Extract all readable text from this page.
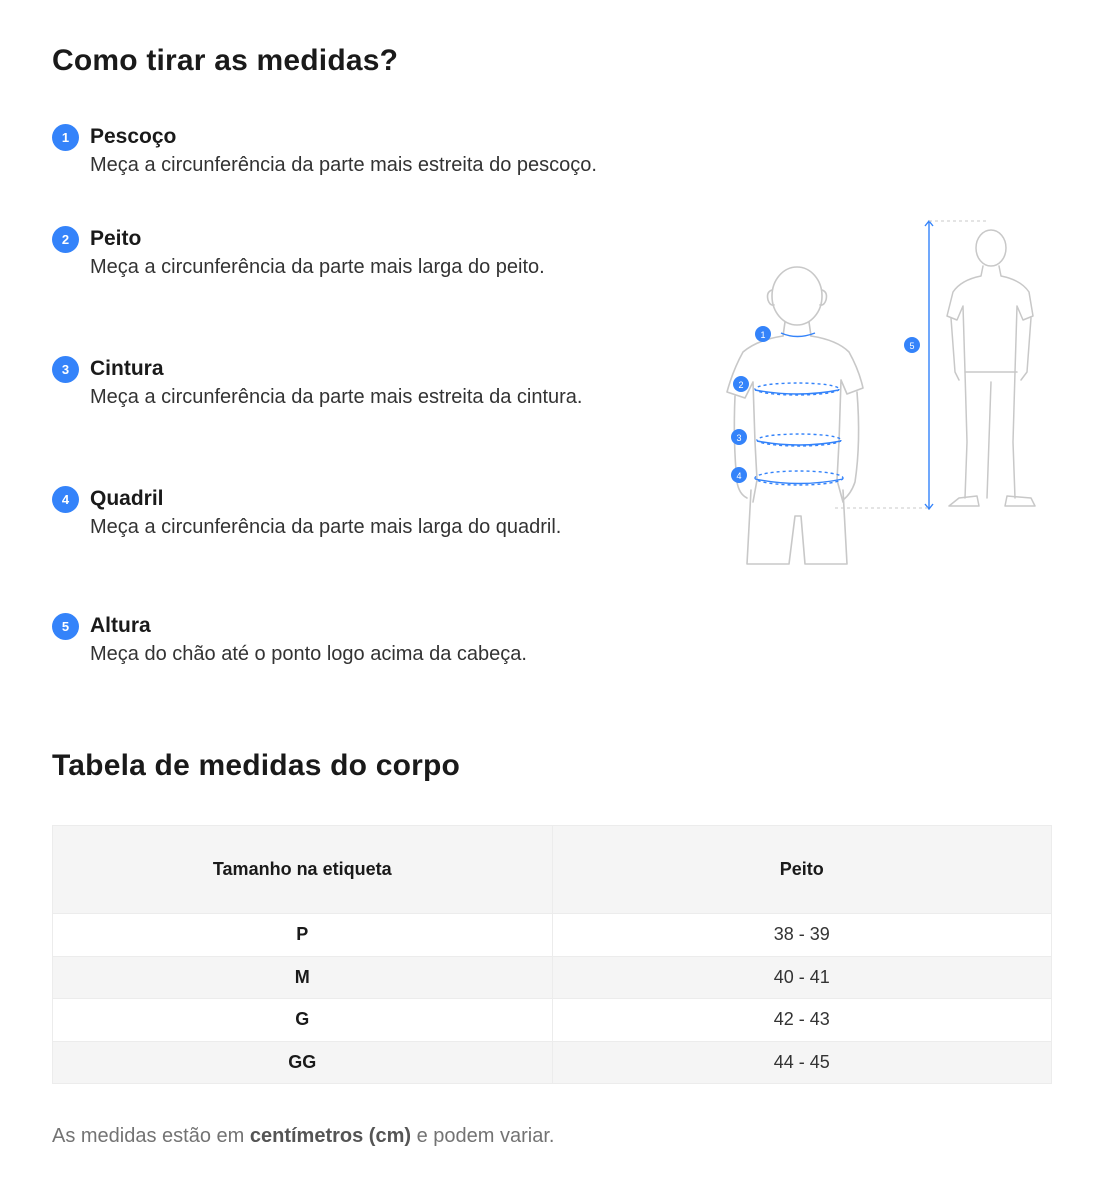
Como tirar as medidas?
1 Pescoço

Meça a circunferência da parte mais estreita do pescoço.

2 Peito

Meça a circunferência da parte mais larga do peito.

3 Cintura

Meça a circunferência da parte mais estreita da cintura.

4 Quadril

Meça a circunferência da parte mais larga do quadril.

5 Altura

Meça do chão até o ponto logo acima da cabeça.

1
2
3
4
5
Tabela de medidas do corpo
Tamanho na etiqueta	Peito
P	38 - 39
M	40 - 41
G	42 - 43
GG	44 - 45

As medidas estão em centímetros (cm) e podem variar.
